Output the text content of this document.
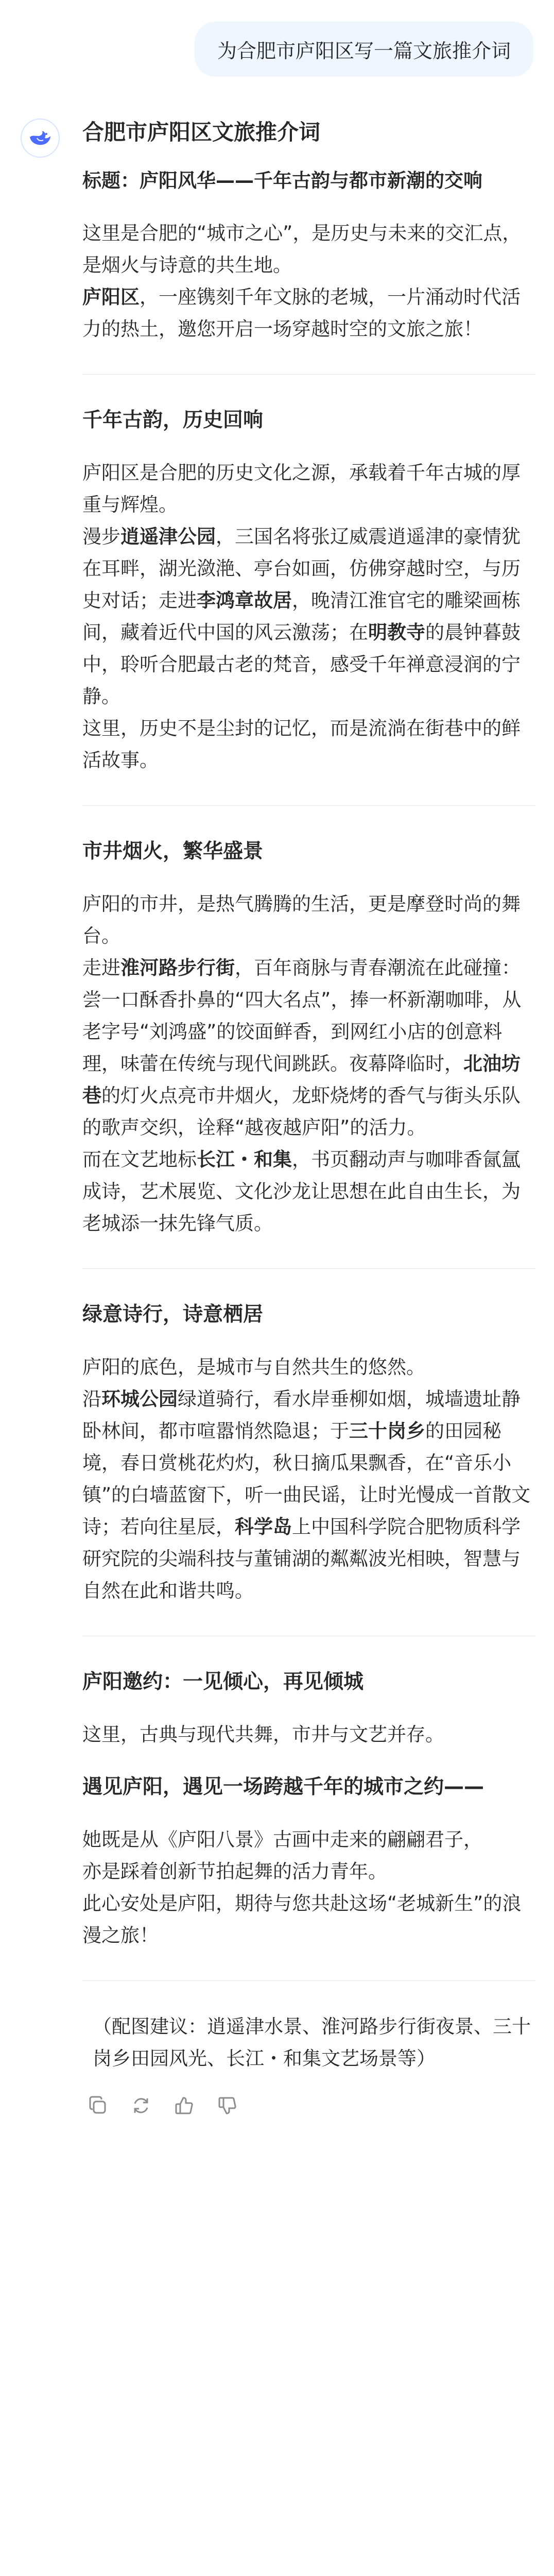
为合肥市庐阳区写一篇文旅推介词
合肥市庐阳区文旅推介词

标题：庐阳风华——千年古韵与都市新潮的交响

这里是合肥的“城市之心”，是历史与未来的交汇点，是烟火与诗意的共生地。
庐阳区，一座镌刻千年文脉的老城，一片涌动时代活力的热土，邀您开启一场穿越时空的文旅之旅！

千年古韵，历史回响

庐阳区是合肥的历史文化之源，承载着千年古城的厚重与辉煌。
漫步逍遥津公园，三国名将张辽威震逍遥津的豪情犹在耳畔，湖光潋滟、亭台如画，仿佛穿越时空，与历史对话；走进李鸿章故居，晚清江淮官宅的雕梁画栋间，藏着近代中国的风云激荡；在明教寺的晨钟暮鼓中，聆听合肥最古老的梵音，感受千年禅意浸润的宁静。
这里，历史不是尘封的记忆，而是流淌在街巷中的鲜活故事。

市井烟火，繁华盛景

庐阳的市井，是热气腾腾的生活，更是摩登时尚的舞台。
走进淮河路步行街，百年商脉与青春潮流在此碰撞：尝一口酥香扑鼻的“四大名点”，捧一杯新潮咖啡，从老字号“刘鸿盛”的饺面鲜香，到网红小店的创意料理，味蕾在传统与现代间跳跃。夜幕降临时，北油坊巷的灯火点亮市井烟火，龙虾烧烤的香气与街头乐队的歌声交织，诠释“越夜越庐阳”的活力。
而在文艺地标长江・和集，书页翻动声与咖啡香氤氲成诗，艺术展览、文化沙龙让思想在此自由生长，为老城添一抹先锋气质。

绿意诗行，诗意栖居

庐阳的底色，是城市与自然共生的悠然。
沿环城公园绿道骑行，看水岸垂柳如烟，城墙遗址静卧林间，都市喧嚣悄然隐退；于三十岗乡的田园秘境，春日赏桃花灼灼，秋日摘瓜果飘香，在“音乐小镇”的白墙蓝窗下，听一曲民谣，让时光慢成一首散文诗；若向往星辰，科学岛上中国科学院合肥物质科学研究院的尖端科技与董铺湖的粼粼波光相映，智慧与自然在此和谐共鸣。

庐阳邀约：一见倾心，再见倾城

这里，古典与现代共舞，市井与文艺并存。

遇见庐阳，遇见一场跨越千年的城市之约——

她既是从《庐阳八景》古画中走来的翩翩君子，
亦是踩着创新节拍起舞的活力青年。
此心安处是庐阳，期待与您共赴这场“老城新生”的浪漫之旅！

（配图建议：逍遥津水景、淮河路步行街夜景、三十岗乡田园风光、长江・和集文艺场景等）
